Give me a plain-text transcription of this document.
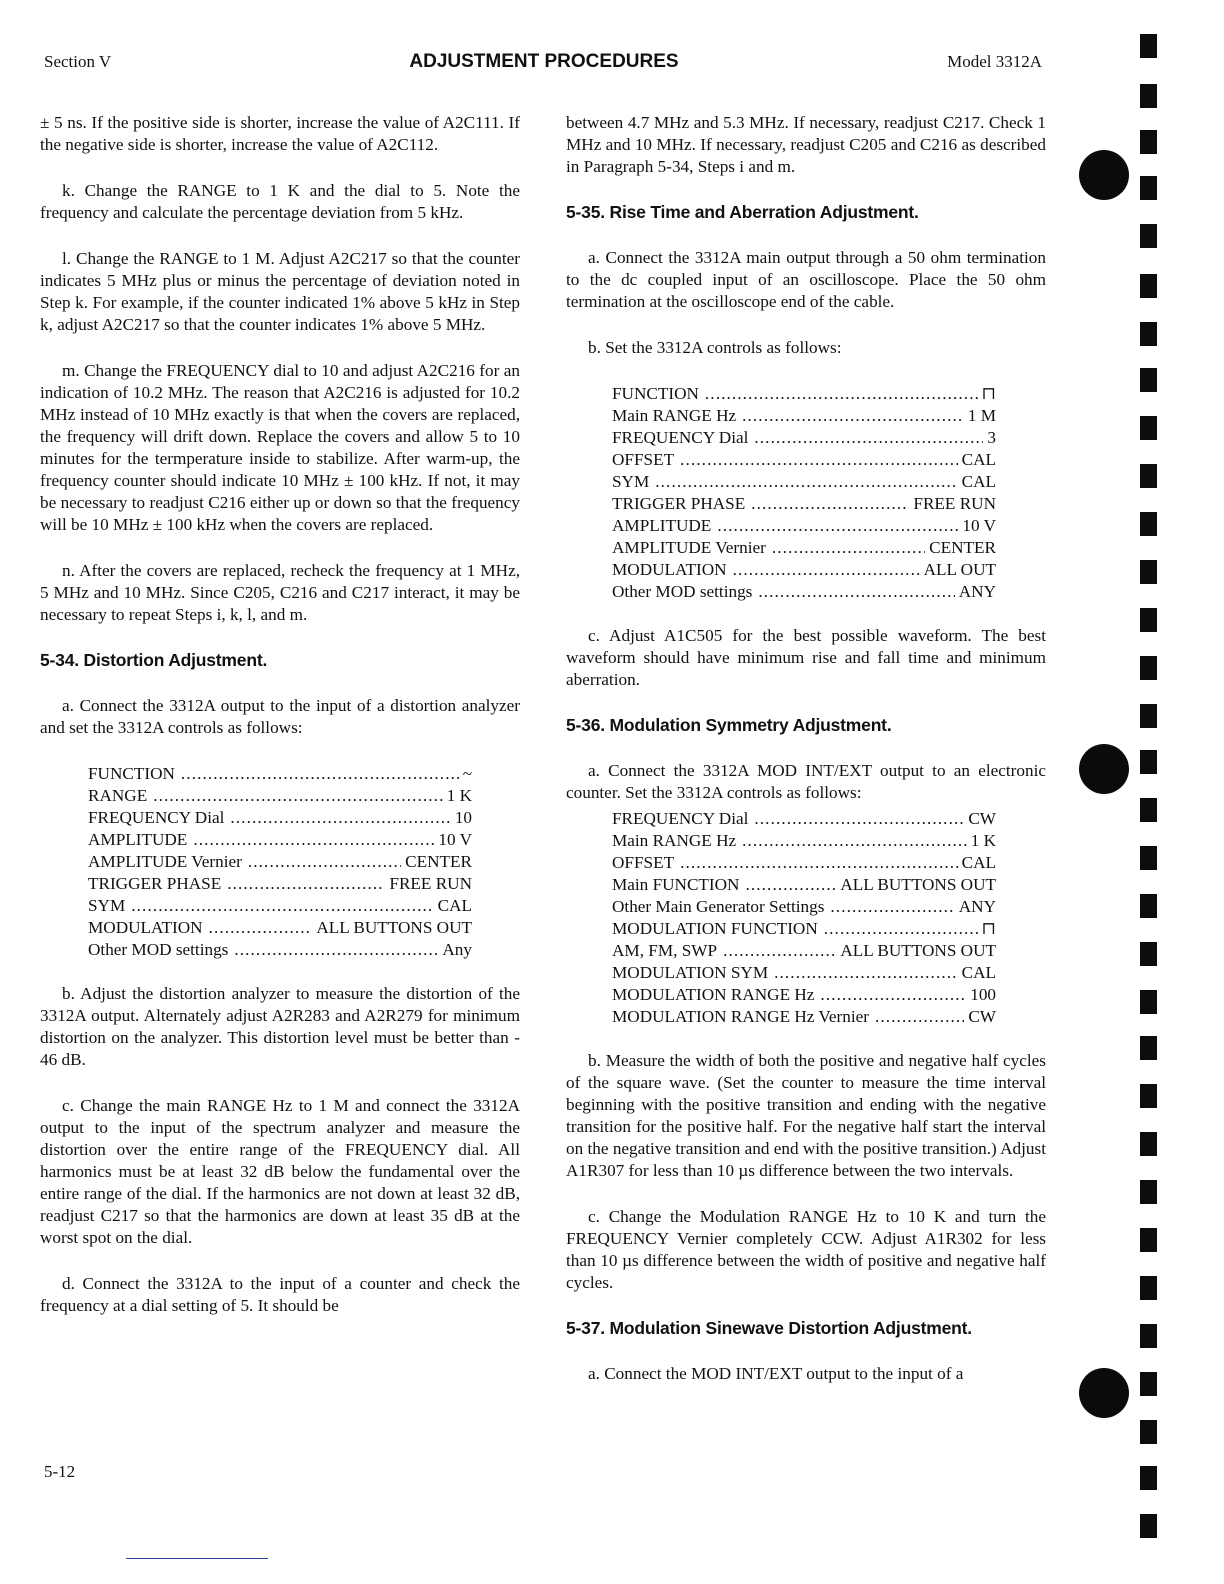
Section V	ADJUSTMENT PROCEDURES	Model 3312A

± 5 ns. If the positive side is shorter, increase the value of A2C111. If the negative side is shorter, increase the value of A2C112.

k. Change the RANGE to 1 K and the dial to 5. Note the frequency and calculate the percentage deviation from 5 kHz.

l. Change the RANGE to 1 M. Adjust A2C217 so that the counter indicates 5 MHz plus or minus the percentage of deviation noted in Step k. For example, if the counter indicated 1% above 5 kHz in Step k, adjust A2C217 so that the counter indicates 1% above 5 MHz.

m. Change the FREQUENCY dial to 10 and adjust A2C216 for an indication of 10.2 MHz. The reason that A2C216 is adjusted for 10.2 MHz instead of 10 MHz exactly is that when the covers are replaced, the frequency will drift down. Replace the covers and allow 5 to 10 minutes for the termperature inside to stabilize. After warm-up, the frequency counter should indicate 10 MHz ± 100 kHz. If not, it may be necessary to readjust C216 either up or down so that the frequency will be 10 MHz ± 100 kHz when the covers are replaced.

n. After the covers are replaced, recheck the frequency at 1 MHz, 5 MHz and 10 MHz. Since C205, C216 and C217 interact, it may be necessary to repeat Steps i, k, l, and m.

5-34. Distortion Adjustment.

a. Connect the 3312A output to the input of a distortion analyzer and set the 3312A controls as follows:

FUNCTION . . .	~
RANGE . . .	1 K
FREQUENCY Dial . . .	10
AMPLITUDE . . .	10 V
AMPLITUDE Vernier . . .	CENTER
TRIGGER PHASE . . .	FREE RUN
SYM . . .	CAL
MODULATION . . .	ALL BUTTONS OUT
Other MOD settings . . .	Any

b. Adjust the distortion analyzer to measure the distortion of the 3312A output. Alternately adjust A2R283 and A2R279 for minimum distortion on the analyzer. This distortion level must be better than - 46 dB.

c. Change the main RANGE Hz to 1 M and connect the 3312A output to the input of the spectrum analyzer and measure the distortion over the entire range of the FREQUENCY dial. All harmonics must be at least 32 dB below the fundamental over the entire range of the dial. If the harmonics are not down at least 32 dB, readjust C217 so that the harmonics are down at least 35 dB at the worst spot on the dial.

d. Connect the 3312A to the input of a counter and check the frequency at a dial setting of 5. It should be

between 4.7 MHz and 5.3 MHz. If necessary, readjust C217. Check 1 MHz and 10 MHz. If necessary, readjust C205 and C216 as described in Paragraph 5-34, Steps i and m.

5-35. Rise Time and Aberration Adjustment.

a. Connect the 3312A main output through a 50 ohm termination to the dc coupled input of an oscilloscope. Place the 50 ohm termination at the oscilloscope end of the cable.

b. Set the 3312A controls as follows:

FUNCTION . . .	⊓
Main RANGE Hz . . .	1 M
FREQUENCY Dial . . .	3
OFFSET . . .	CAL
SYM . . .	CAL
TRIGGER PHASE . . .	FREE RUN
AMPLITUDE . . .	10 V
AMPLITUDE Vernier . . .	CENTER
MODULATION . . .	ALL OUT
Other MOD settings . . .	ANY

c. Adjust A1C505 for the best possible waveform. The best waveform should have minimum rise and fall time and minimum aberration.

5-36. Modulation Symmetry Adjustment.

a. Connect the 3312A MOD INT/EXT output to an electronic counter. Set the 3312A controls as follows:

FREQUENCY Dial . . .	CW
Main RANGE Hz . . .	1 K
OFFSET . . .	CAL
Main FUNCTION . . .	ALL BUTTONS OUT
Other Main Generator Settings . . .	ANY
MODULATION FUNCTION . . .	⊓
AM, FM, SWP . . .	ALL BUTTONS OUT
MODULATION SYM . . .	CAL
MODULATION RANGE Hz . . .	100
MODULATION RANGE Hz Vernier . . .	CW

b. Measure the width of both the positive and negative half cycles of the square wave. (Set the counter to measure the time interval beginning with the positive transition and ending with the negative transition for the positive half. For the negative half start the interval on the negative transition and end with the positive transition.) Adjust A1R307 for less than 10 µs difference between the two intervals.

c. Change the Modulation RANGE Hz to 10 K and turn the FREQUENCY Vernier completely CCW. Adjust A1R302 for less than 10 µs difference between the width of positive and negative half cycles.

5-37. Modulation Sinewave Distortion Adjustment.

a. Connect the MOD INT/EXT output to the input of a

5-12
